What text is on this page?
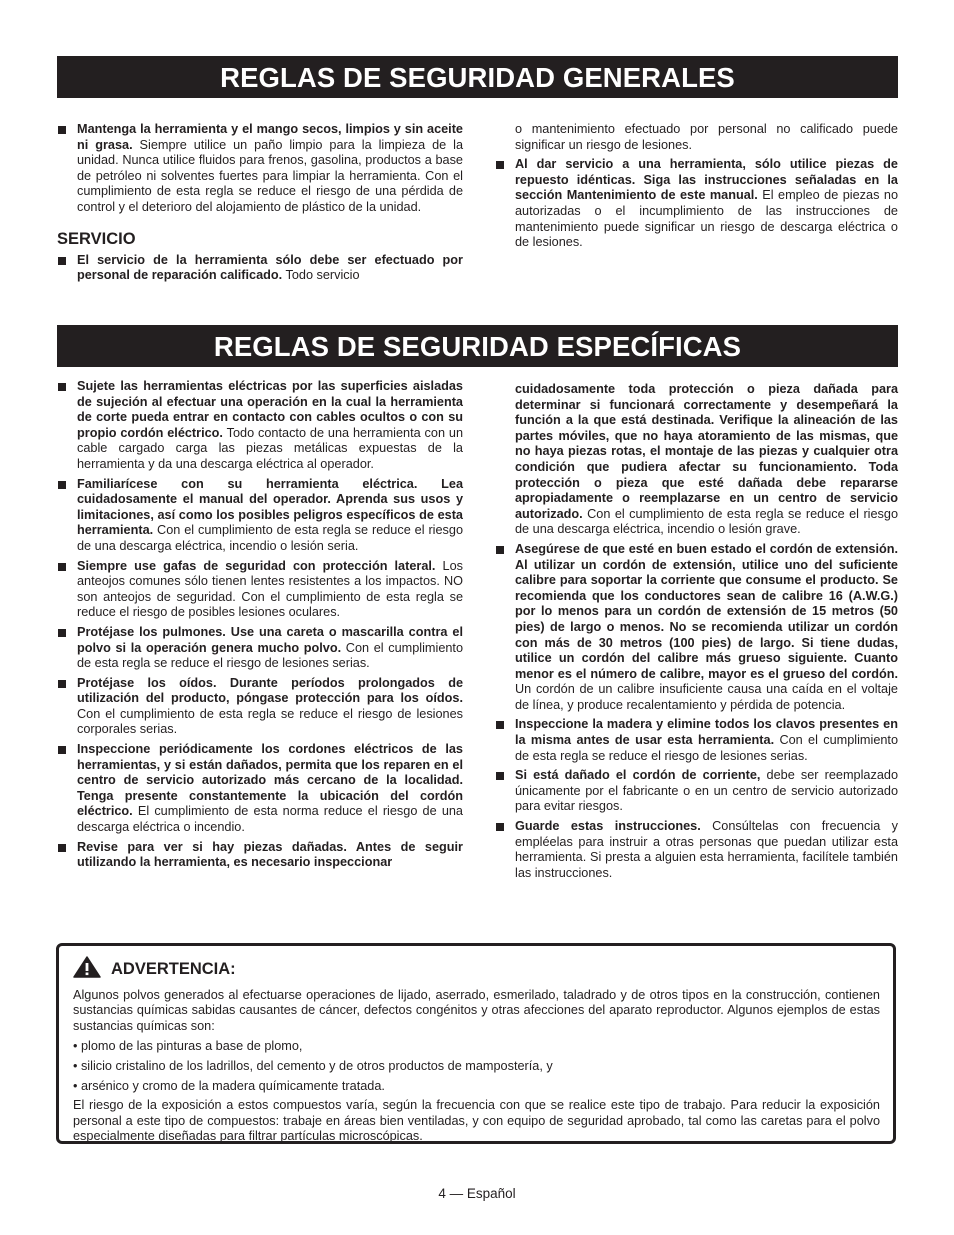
REGLAS DE SEGURIDAD GENERALES
Mantenga la herramienta y el mango secos, limpios y sin aceite ni grasa. Siempre utilice un paño limpio para la limpieza de la unidad. Nunca utilice fluidos para frenos, gasolina, productos a base de petróleo ni solventes fuertes para limpiar la herramienta. Con el cumplimiento de esta regla se reduce el riesgo de una pérdida de control y el deterioro del alojamiento de plástico de la unidad.
SERVICIO
El servicio de la herramienta sólo debe ser efectuado por personal de reparación calificado. Todo servicio
o mantenimiento efectuado por personal no calificado puede significar un riesgo de lesiones.
Al dar servicio a una herramienta, sólo utilice piezas de repuesto idénticas. Siga las instrucciones señaladas en la sección Mantenimiento de este manual. El empleo de piezas no autorizadas o el incumplimiento de las instrucciones de mantenimiento puede significar un riesgo de descarga eléctrica o de lesiones.
REGLAS DE SEGURIDAD ESPECÍFICAS
Sujete las herramientas eléctricas por las superficies aisladas de sujeción al efectuar una operación en la cual la herramienta de corte pueda entrar en contacto con cables ocultos o con su propio cordón eléctrico. Todo contacto de una herramienta con un cable cargado carga las piezas metálicas expuestas de la herramienta y da una descarga eléctrica al operador.
Familiarícese con su herramienta eléctrica. Lea cuidadosamente el manual del operador. Aprenda sus usos y limitaciones, así como los posibles peligros específicos de esta herramienta. Con el cumplimiento de esta regla se reduce el riesgo de una descarga eléctrica, incendio o lesión seria.
Siempre use gafas de seguridad con protección lateral. Los anteojos comunes sólo tienen lentes resistentes a los impactos. NO son anteojos de seguridad. Con el cumplimiento de esta regla se reduce el riesgo de posibles lesiones oculares.
Protéjase los pulmones. Use una careta o mascarilla contra el polvo si la operación genera mucho polvo. Con el cumplimiento de esta regla se reduce el riesgo de lesiones serias.
Protéjase los oídos. Durante períodos prolongados de utilización del producto, póngase protección para los oídos. Con el cumplimiento de esta regla se reduce el riesgo de lesiones corporales serias.
Inspeccione periódicamente los cordones eléctricos de las herramientas, y si están dañados, permita que los reparen en el centro de servicio autorizado más cercano de la localidad. Tenga presente constantemente la ubicación del cordón eléctrico. El cumplimiento de esta norma reduce el riesgo de una descarga eléctrica o incendio.
Revise para ver si hay piezas dañadas. Antes de seguir utilizando la herramienta, es necesario inspeccionar
cuidadosamente toda protección o pieza dañada para determinar si funcionará correctamente y desempeñará la función a la que está destinada. Verifique la alineación de las partes móviles, que no haya atoramiento de las mismas, que no haya piezas rotas, el montaje de las piezas y cualquier otra condición que pudiera afectar su funcionamiento. Toda protección o pieza que esté dañada debe repararse apropiadamente o reemplazarse en un centro de servicio autorizado. Con el cumplimiento de esta regla se reduce el riesgo de una descarga eléctrica, incendio o lesión grave.
Asegúrese de que esté en buen estado el cordón de extensión. Al utilizar un cordón de extensión, utilice uno del suficiente calibre para soportar la corriente que consume el producto. Se recomienda que los conductores sean de calibre 16 (A.W.G.) por lo menos para un cordón de extensión de 15 metros (50 pies) de largo o menos. No se recomienda utilizar un cordón con más de 30 metros (100 pies) de largo. Si tiene dudas, utilice un cordón del calibre más grueso siguiente. Cuanto menor es el número de calibre, mayor es el grueso del cordón. Un cordón de un calibre insuficiente causa una caída en el voltaje de línea, y produce recalentamiento y pérdida de potencia.
Inspeccione la madera y elimine todos los clavos presentes en la misma antes de usar esta herramienta. Con el cumplimiento de esta regla se reduce el riesgo de lesiones serias.
Si está dañado el cordón de corriente, debe ser reemplazado únicamente por el fabricante o en un centro de servicio autorizado para evitar riesgos.
Guarde estas instrucciones. Consúltelas con frecuencia y empléelas para instruir a otras personas que puedan utilizar esta herramienta. Si presta a alguien esta herramienta, facilítele también las instrucciones.
ADVERTENCIA:

Algunos polvos generados al efectuarse operaciones de lijado, aserrado, esmerilado, taladrado y de otros tipos en la construcción, contienen sustancias químicas sabidas causantes de cáncer, defectos congénitos y otras afecciones del aparato reproductor. Algunos ejemplos de estas sustancias químicas son:

• plomo de las pinturas a base de plomo,

• silicio cristalino de los ladrillos, del cemento y de otros productos de mampostería, y

• arsénico y cromo de la madera químicamente tratada.

El riesgo de la exposición a estos compuestos varía, según la frecuencia con que se realice este tipo de trabajo. Para reducir la exposición personal a este tipo de compuestos: trabaje en áreas bien ventiladas, y con equipo de seguridad aprobado, tal como las caretas para el polvo especialmente diseñadas para filtrar partículas microscópicas.

4 — Español
